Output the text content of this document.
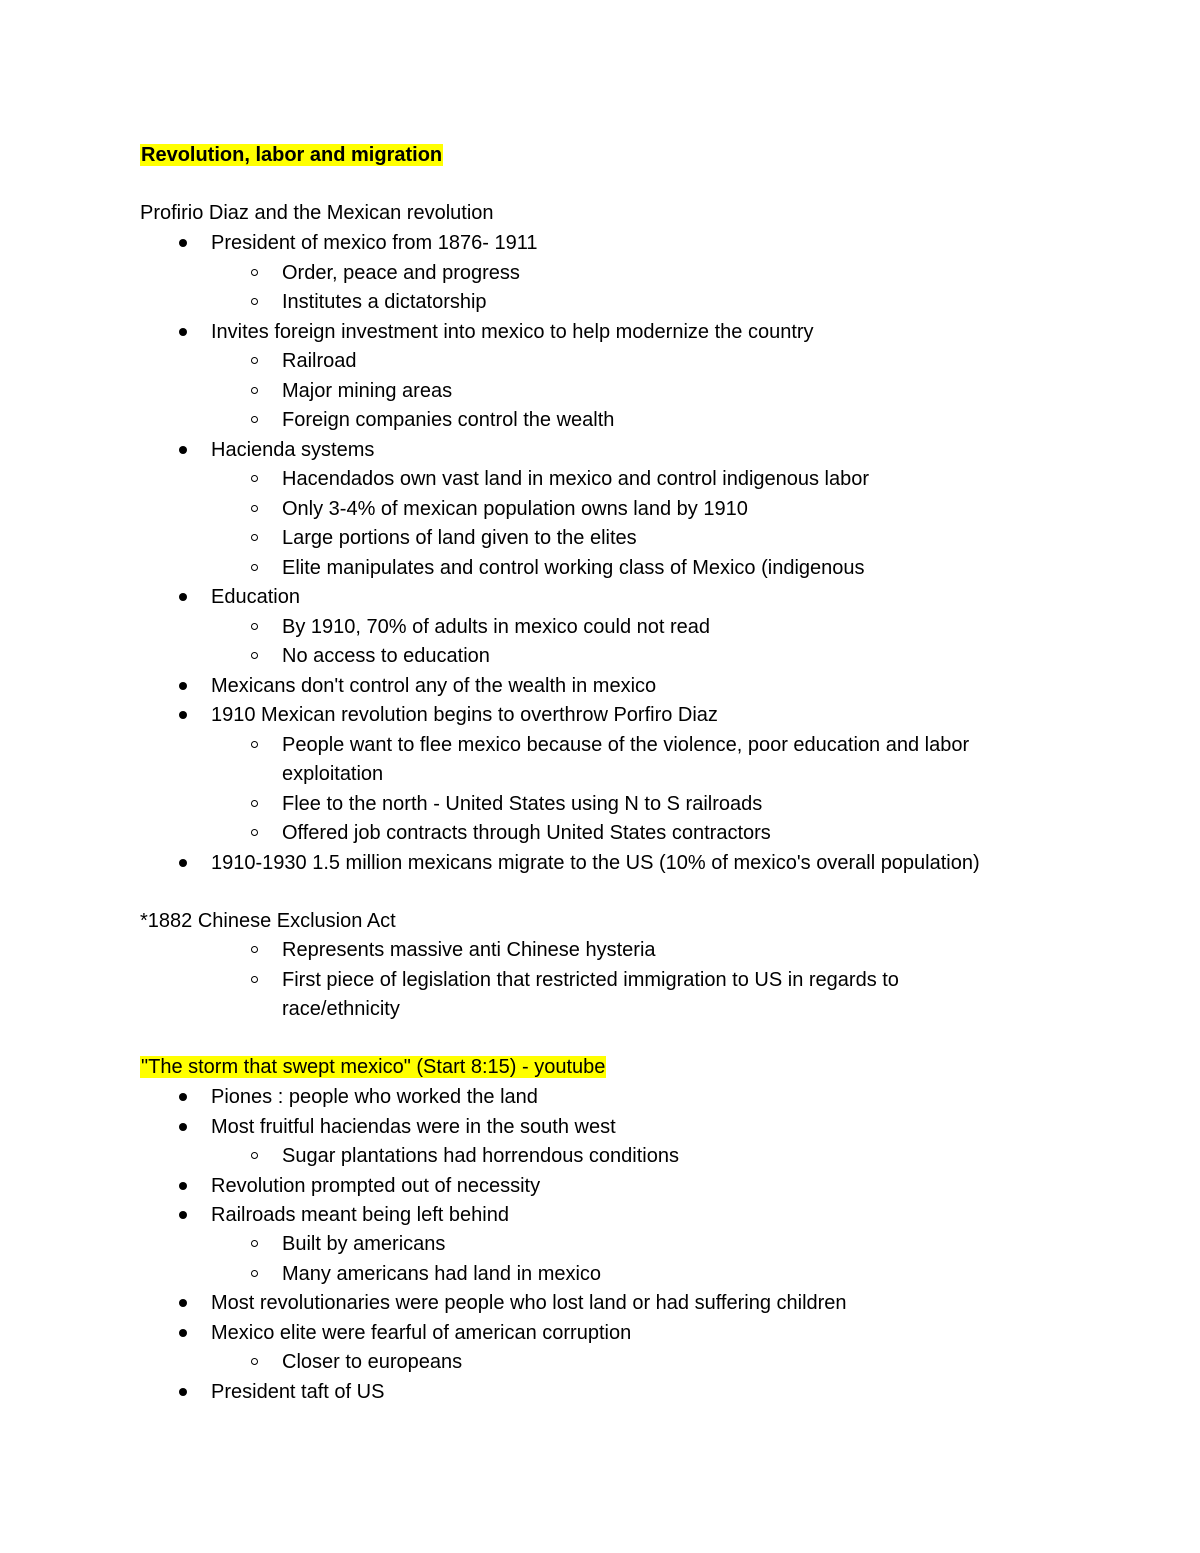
Revolution, labor and migration
Profirio Diaz and the Mexican revolution
President of mexico from 1876- 1911
Order, peace and progress
Institutes a dictatorship
Invites foreign investment into mexico to help modernize the country
Railroad
Major mining areas
Foreign companies control the wealth
Hacienda systems
Hacendados own vast land in mexico and control indigenous labor
Only 3-4% of mexican population owns land by 1910
Large portions of land given to the elites
Elite manipulates and control working class of Mexico (indigenous
Education
By 1910, 70% of adults in mexico could not read
No access to education
Mexicans don't control any of the wealth in mexico
1910 Mexican revolution begins to overthrow Porfiro Diaz
People want to flee mexico because of the violence, poor education and labor
exploitation
Flee to the north - United States using N to S railroads
Offered job contracts through United States contractors
1910-1930 1.5 million mexicans migrate to the US (10% of mexico's overall population)
*1882 Chinese Exclusion Act
Represents massive anti Chinese hysteria
First piece of legislation that restricted immigration to US in regards to
race/ethnicity
"The storm that swept mexico" (Start 8:15) - youtube
Piones : people who worked the land
Most fruitful haciendas were in the south west
Sugar plantations had horrendous conditions
Revolution prompted out of necessity
Railroads meant being left behind
Built by americans
Many americans had land in mexico
Most revolutionaries were people who lost land or had suffering children
Mexico elite were fearful of american corruption
Closer to europeans
President taft of US
